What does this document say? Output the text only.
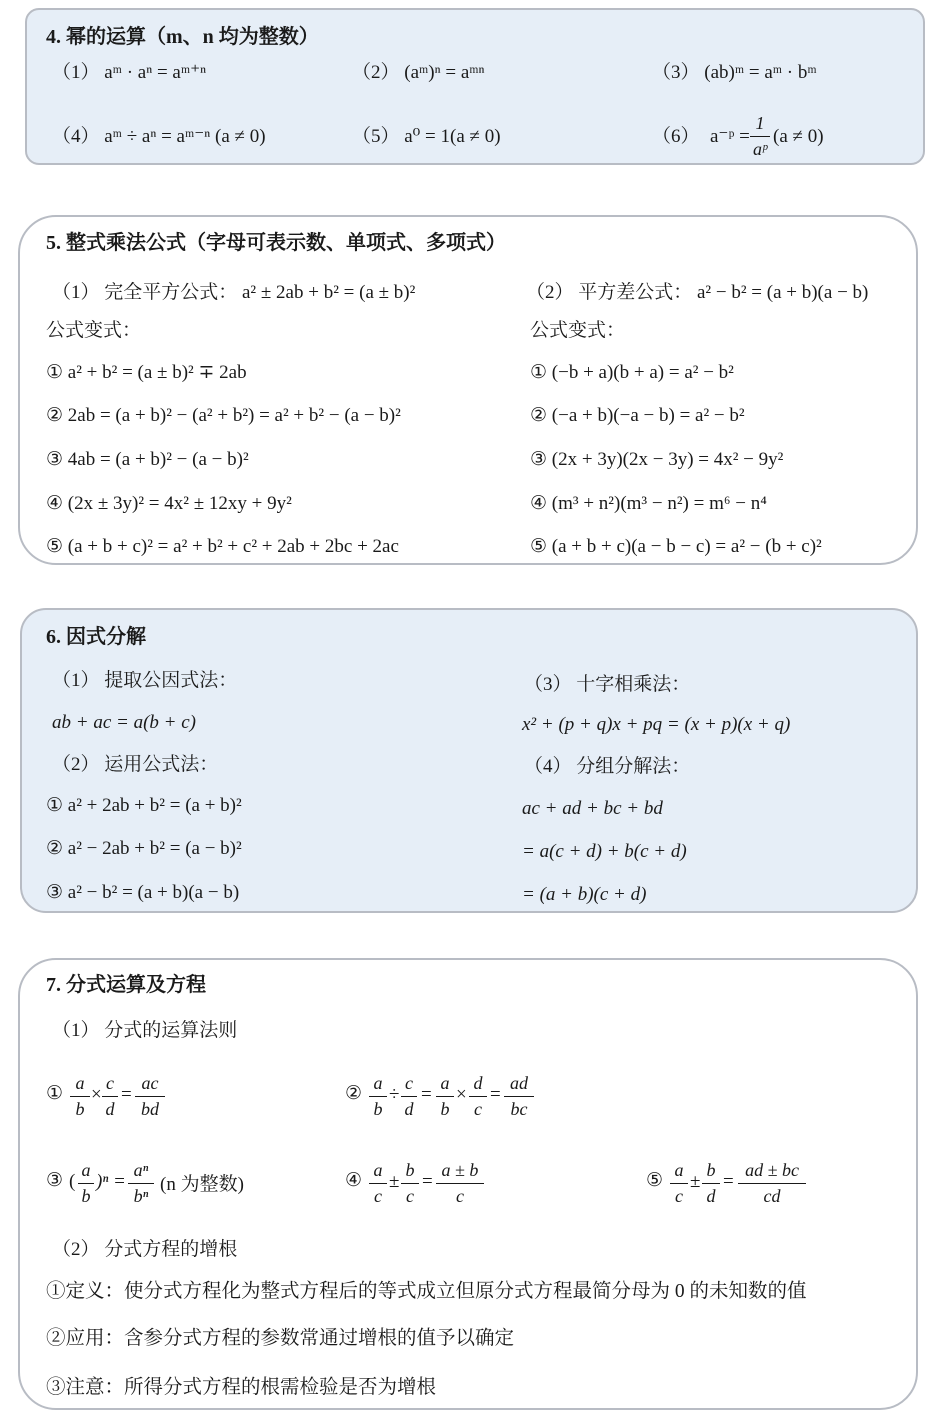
4. 幂的运算（m、n 均为整数）
（1） aᵐ · aⁿ = aᵐ⁺ⁿ	（2） (aᵐ)ⁿ = aᵐⁿ	（3） (ab)ᵐ = aᵐ · bᵐ
（4） aᵐ ÷ aⁿ = aᵐ⁻ⁿ (a ≠ 0)	（5） a⁰ = 1(a ≠ 0)	（6） a⁻ᵖ =
1
aᵖ
(a ≠ 0)
5. 整式乘法公式（字母可表示数、单项式、多项式）
（1） 完全平方公式： a² ± 2ab + b² = (a ± b)²
公式变式：
① a² + b² = (a ± b)² ∓ 2ab
② 2ab = (a + b)² − (a² + b²) = a² + b² − (a − b)²
③ 4ab = (a + b)² − (a − b)²
④ (2x ± 3y)² = 4x² ± 12xy + 9y²
⑤ (a + b + c)² = a² + b² + c² + 2ab + 2bc + 2ac
（2） 平方差公式： a² − b² = (a + b)(a − b)
公式变式：
① (−b + a)(b + a) = a² − b²
② (−a + b)(−a − b) = a² − b²
③ (2x + 3y)(2x − 3y) = 4x² − 9y²
④ (m³ + n²)(m³ − n²) = m⁶ − n⁴
⑤ (a + b + c)(a − b − c) = a² − (b + c)²
6. 因式分解
（1） 提取公因式法：
ab + ac = a(b + c)
（2） 运用公式法：
① a² + 2ab + b² = (a + b)²
② a² − 2ab + b² = (a − b)²
③ a² − b² = (a + b)(a − b)
（3） 十字相乘法：
x² + (p + q)x + pq = (x + p)(x + q)
（4） 分组分解法：
ac + ad + bc + bd
= a(c + d) + b(c + d)
= (a + b)(c + d)
7. 分式运算及方程
（1） 分式的运算法则
① a
b
×
c
d
=
ac
bd
② a
b
÷
c
d
=
a
b
×
d
c
=
ad
bc
③ (
a
b
)ⁿ =
aⁿ
bⁿ
(n 为整数)	④ a
c
±
b
c
=
a ± b
c
⑤ a
c
±
b
d
=
ad ± bc
cd
（2） 分式方程的增根
①定义：使分式方程化为整式方程后的等式成立但原分式方程最简分母为 0 的未知数的值
②应用：含参分式方程的参数常通过增根的值予以确定
③注意：所得分式方程的根需检验是否为增根
